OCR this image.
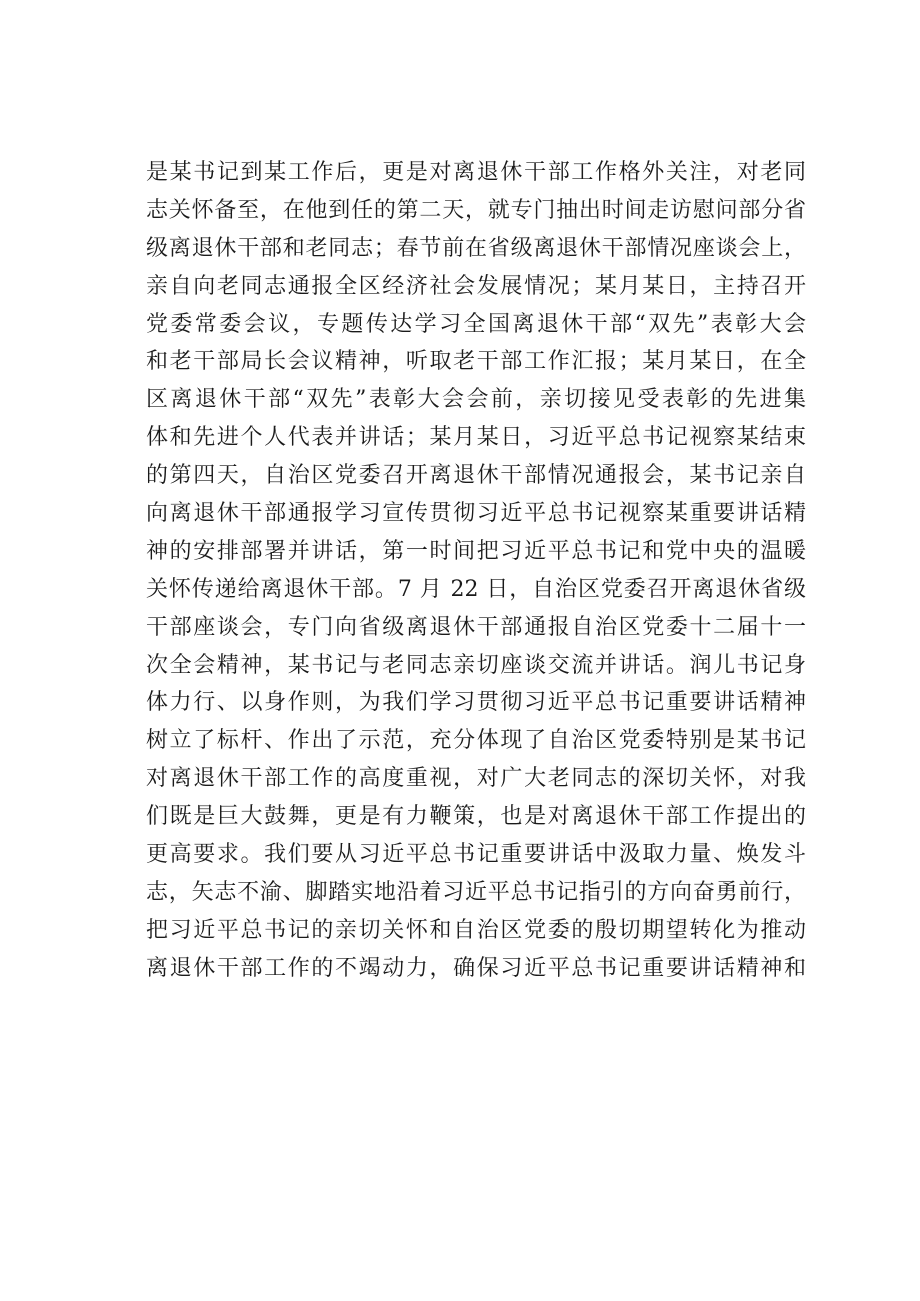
是某书记到某工作后，更是对离退休干部工作格外关注，对老同
志关怀备至，在他到任的第二天，就专门抽出时间走访慰问部分省
级离退休干部和老同志；春节前在省级离退休干部情况座谈会上，
亲自向老同志通报全区经济社会发展情况；某月某日，主持召开
党委常委会议，专题传达学习全国离退休干部“双先”表彰大会
和老干部局长会议精神，听取老干部工作汇报；某月某日，在全
区离退休干部“双先”表彰大会会前，亲切接见受表彰的先进集
体和先进个人代表并讲话；某月某日，习近平总书记视察某结束
的第四天，自治区党委召开离退休干部情况通报会，某书记亲自
向离退休干部通报学习宣传贯彻习近平总书记视察某重要讲话精
神的安排部署并讲话，第一时间把习近平总书记和党中央的温暖
关怀传递给离退休干部。7 月 22 日，自治区党委召开离退休省级
干部座谈会，专门向省级离退休干部通报自治区党委十二届十一
次全会精神，某书记与老同志亲切座谈交流并讲话。润儿书记身
体力行、以身作则，为我们学习贯彻习近平总书记重要讲话精神
树立了标杆、作出了示范，充分体现了自治区党委特别是某书记
对离退休干部工作的高度重视，对广大老同志的深切关怀，对我
们既是巨大鼓舞，更是有力鞭策，也是对离退休干部工作提出的
更高要求。我们要从习近平总书记重要讲话中汲取力量、焕发斗
志，矢志不渝、脚踏实地沿着习近平总书记指引的方向奋勇前行，
把习近平总书记的亲切关怀和自治区党委的殷切期望转化为推动
离退休干部工作的不竭动力，确保习近平总书记重要讲话精神和
